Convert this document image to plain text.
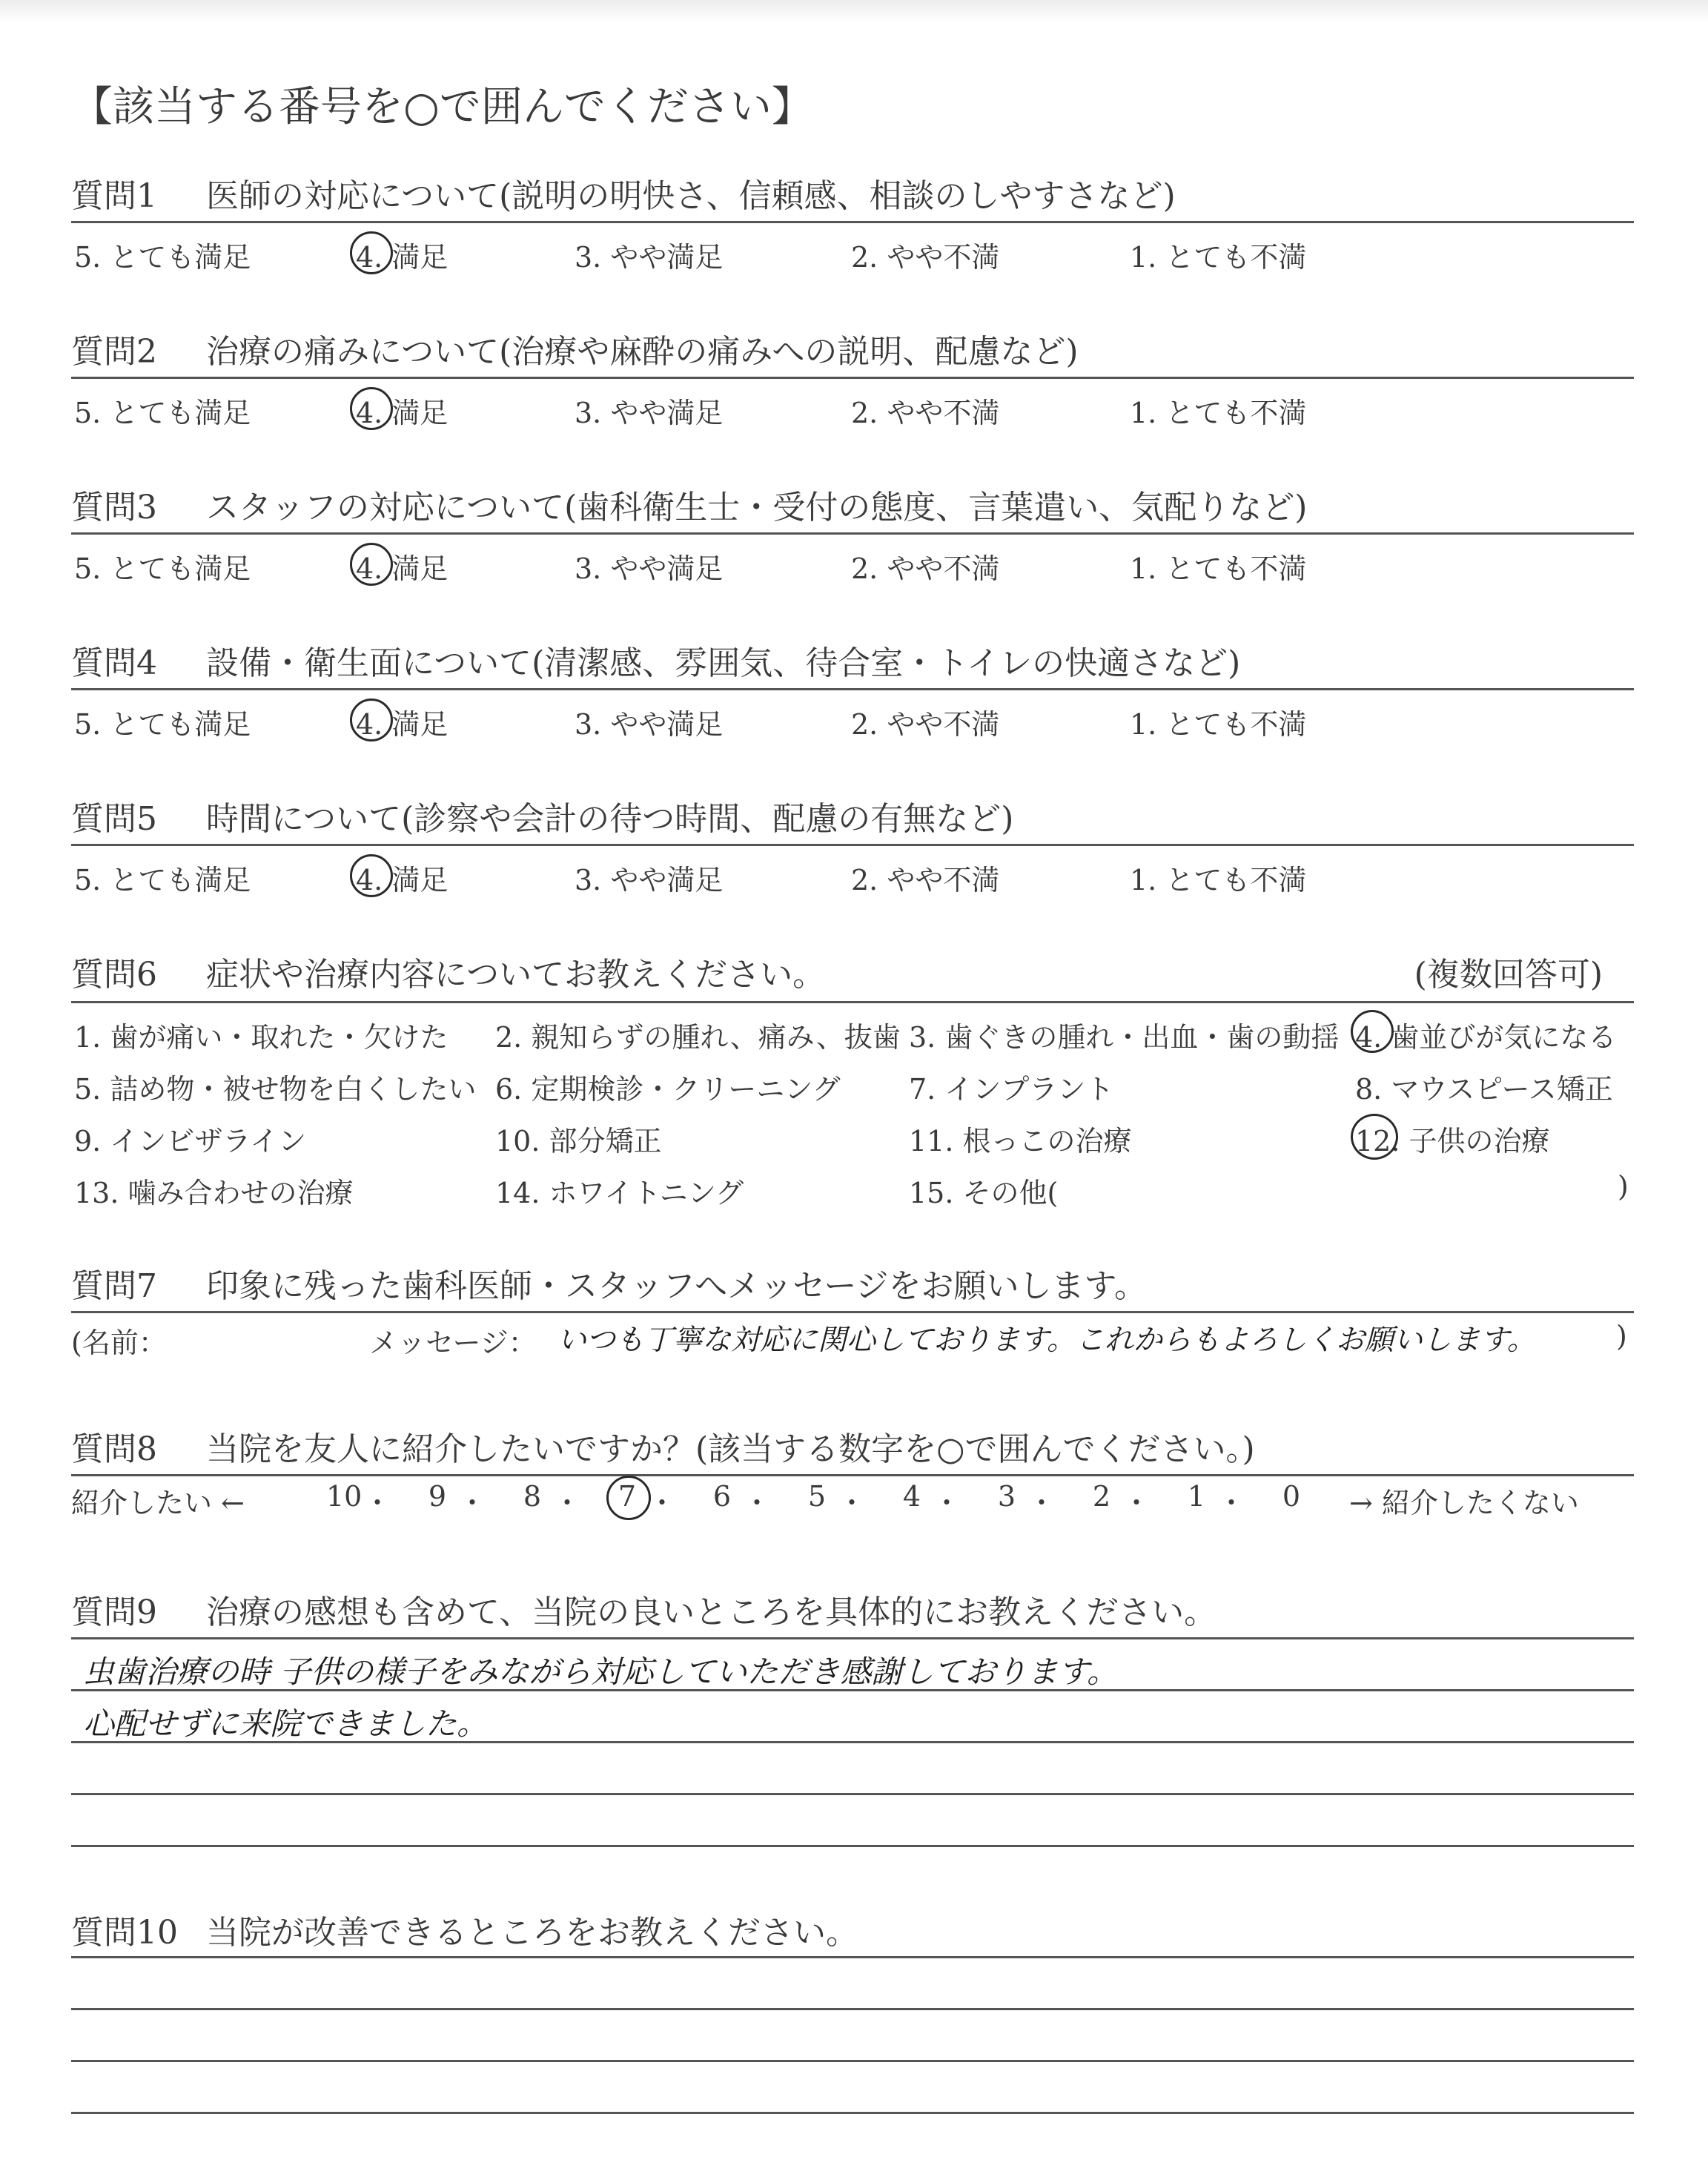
【該当する番号を○で囲んでください】
質問1 医師の対応について(説明の明快さ、信頼感、相談のしやすさなど)
5. とても満足	4. 満足	3. やや満足	2. やや不満	1. とても不満
質問2 治療の痛みについて(治療や麻酔の痛みへの説明、配慮など)
5. とても満足	4. 満足	3. やや満足	2. やや不満	1. とても不満
質問3 スタッフの対応について(歯科衛生士・受付の態度、言葉遣い、気配りなど)
5. とても満足	4. 満足	3. やや満足	2. やや不満	1. とても不満
質問4 設備・衛生面について(清潔感、雰囲気、待合室・トイレの快適さなど)
5. とても満足	4. 満足	3. やや満足	2. やや不満	1. とても不満
質問5 時間について(診察や会計の待つ時間、配慮の有無など)
5. とても満足	4. 満足	3. やや満足	2. やや不満	1. とても不満
質問6 症状や治療内容についてお教えください。	(複数回答可)
1. 歯が痛い・取れた・欠けた 2. 親知らずの腫れ、痛み、抜歯 3. 歯ぐきの腫れ・出血・歯の動揺 4. 歯並びが気になる
5. 詰め物・被せ物を白くしたい 6. 定期検診・クリーニング 7. インプラント	8. マウスピース矯正
9. インビザライン	10. 部分矯正	11. 根っこの治療	12. 子供の治療
13. 噛み合わせの治療	14. ホワイトニング	15. その他(	)
質問7 印象に残った歯科医師・スタッフへメッセージをお願いします。
(名前：	メッセージ： いつも丁寧な対応に関心しております。これからもよろしくお願いします。	)
質問8 当院を友人に紹介したいですか？(該当する数字を○で囲んでください。)
紹介したい ←	10 ・ 9 ・ 8 ・ 7 ・ 6 ・ 5 ・ 4 ・ 3 ・ 2 ・ 1 ・ 0 → 紹介したくない
質問9 治療の感想も含めて、当院の良いところを具体的にお教えください。
虫歯治療の時 子供の様子をみながら対応していただき感謝しております。
心配せずに来院できました。
質問10 当院が改善できるところをお教えください。
